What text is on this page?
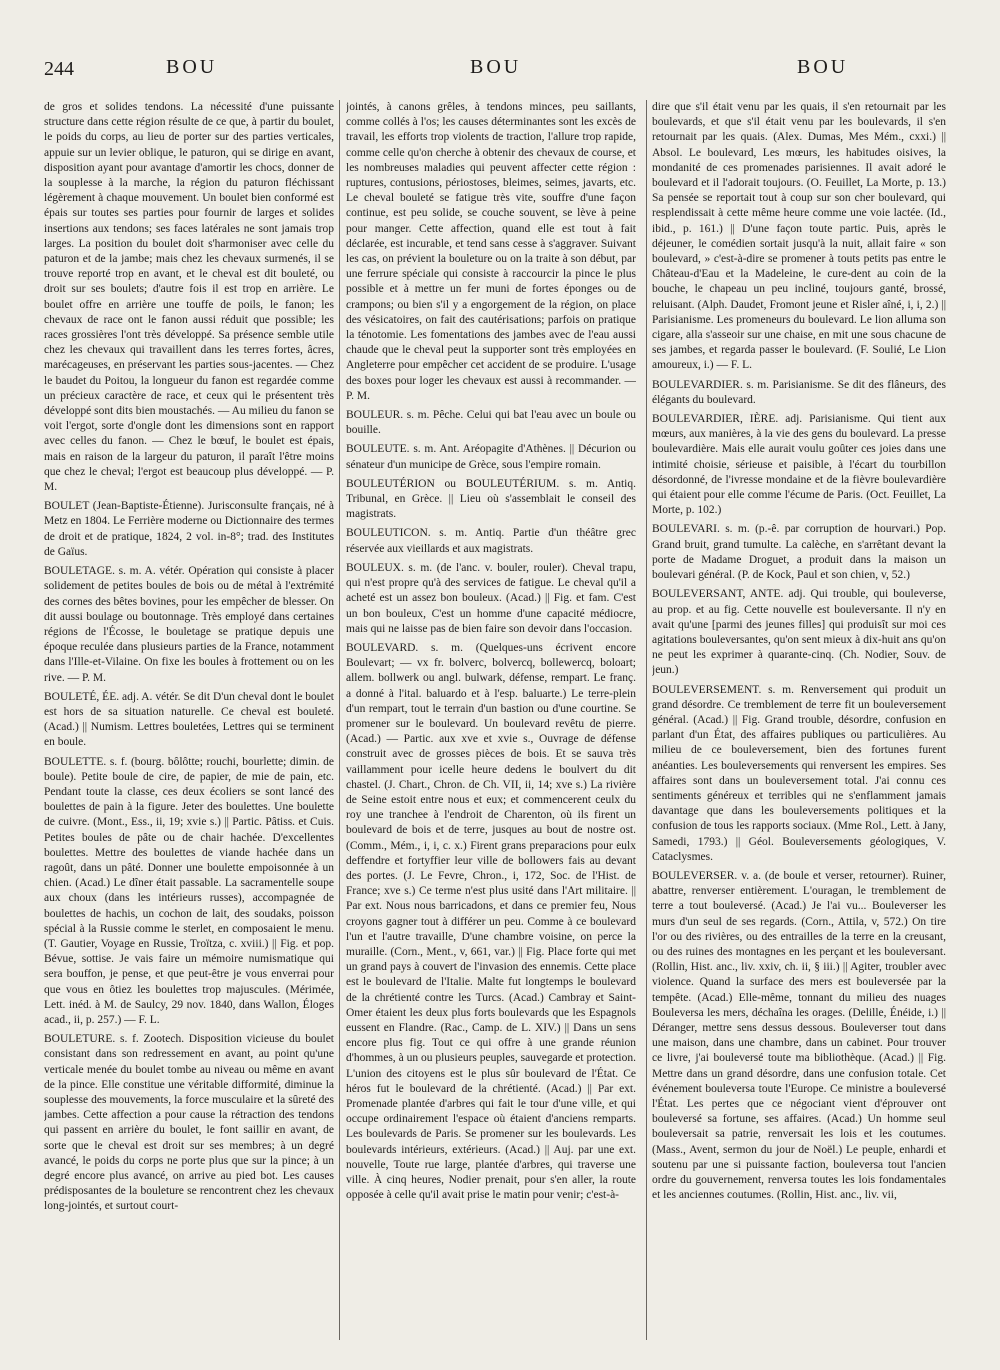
244	BOU	BOU	BOU

de gros et solides tendons. La nécessité d'une puissante structure dans cette région résulte de ce que, à partir du boulet, le poids du corps, au lieu de porter sur des parties verticales, appuie sur un levier oblique, le paturon, qui se dirige en avant, disposition ayant pour avantage d'amortir les chocs, donner de la souplesse à la marche, la région du paturon fléchissant légèrement à chaque mouvement. Un boulet bien conformé est épais sur toutes ses parties pour fournir de larges et solides insertions aux tendons; ses faces latérales ne sont jamais trop larges. La position du boulet doit s'harmoniser avec celle du paturon et de la jambe; mais chez les chevaux surmenés, il se trouve reporté trop en avant, et le cheval est dit bouleté, ou droit sur ses boulets; d'autre fois il est trop en arrière. Le boulet offre en arrière une touffe de poils, le fanon; les chevaux de race ont le fanon aussi réduit que possible; les races grossières l'ont très développé. Sa présence semble utile chez les chevaux qui travaillent dans les terres fortes, âcres, marécageuses, en préservant les parties sous-jacentes. — Chez le baudet du Poitou, la longueur du fanon est regardée comme un précieux caractère de race, et ceux qui le présentent très développé sont dits bien moustachés. — Au milieu du fanon se voit l'ergot, sorte d'ongle dont les dimensions sont en rapport avec celles du fanon. — Chez le bœuf, le boulet est épais, mais en raison de la largeur du paturon, il paraît l'être moins que chez le cheval; l'ergot est beaucoup plus développé. — P. M.

BOULET (Jean-Baptiste-Étienne). Jurisconsulte français, né à Metz en 1804. Le Ferrière moderne ou Dictionnaire des termes de droit et de pratique, 1824, 2 vol. in-8°; trad. des Institutes de Gaïus.

BOULETAGE. s. m. A. vétér. Opération qui consiste à placer solidement de petites boules de bois ou de métal à l'extrémité des cornes des bêtes bovines, pour les empêcher de blesser. On dit aussi boulage ou boutonnage. Très employé dans certaines régions de l'Écosse, le bouletage se pratique depuis une époque reculée dans plusieurs parties de la France, notamment dans l'Ille-et-Vilaine. On fixe les boules à frottement ou on les rive. — P. M.

BOULETÉ, ÉE. adj. A. vétér. Se dit D'un cheval dont le boulet est hors de sa situation naturelle. Ce cheval est bouleté. (Acad.) || Numism. Lettres bouletées, Lettres qui se terminent en boule.

BOULETTE. s. f. (bourg. bôlôtte; rouchi, bourlette; dimin. de boule). Petite boule de cire, de papier, de mie de pain, etc. Pendant toute la classe, ces deux écoliers se sont lancé des boulettes de pain à la figure. Jeter des boulettes. Une boulette de cuivre. (Mont., Ess., ii, 19; xvie s.) || Partic. Pâtiss. et Cuis. Petites boules de pâte ou de chair hachée. D'excellentes boulettes. Mettre des boulettes de viande hachée dans un ragoût, dans un pâté. Donner une boulette empoisonnée à un chien. (Acad.) Le dîner était passable. La sacramentelle soupe aux choux (dans les intérieurs russes), accompagnée de boulettes de hachis, un cochon de lait, des soudaks, poisson spécial à la Russie comme le sterlet, en composaient le menu. (T. Gautier, Voyage en Russie, Troïtza, c. xviii.) || Fig. et pop. Bévue, sottise. Je vais faire un mémoire numismatique qui sera bouffon, je pense, et que peut-être je vous enverrai pour que vous en ôtiez les boulettes trop majuscules. (Mérimée, Lett. inéd. à M. de Saulcy, 29 nov. 1840, dans Wallon, Éloges acad., ii, p. 257.) — F. L.

BOULETURE. s. f. Zootech. Disposition vicieuse du boulet consistant dans son redressement en avant, au point qu'une verticale menée du boulet tombe au niveau ou même en avant de la pince. Elle constitue une véritable difformité, diminue la souplesse des mouvements, la force musculaire et la sûreté des jambes. Cette affection a pour cause la rétraction des tendons qui passent en arrière du boulet, le font saillir en avant, de sorte que le cheval est droit sur ses membres; à un degré avancé, le poids du corps ne porte plus que sur la pince; à un degré encore plus avancé, on arrive au pied bot. Les causes prédisposantes de la bouleture se rencontrent chez les chevaux long-jointés, et surtout court-

jointés, à canons grêles, à tendons minces, peu saillants, comme collés à l'os; les causes déterminantes sont les excès de travail, les efforts trop violents de traction, l'allure trop rapide, comme celle qu'on cherche à obtenir des chevaux de course, et les nombreuses maladies qui peuvent affecter cette région : ruptures, contusions, périostoses, bleimes, seimes, javarts, etc. Le cheval bouleté se fatigue très vite, souffre d'une façon continue, est peu solide, se couche souvent, se lève à peine pour manger. Cette affection, quand elle est tout à fait déclarée, est incurable, et tend sans cesse à s'aggraver. Suivant les cas, on prévient la bouleture ou on la traite à son début, par une ferrure spéciale qui consiste à raccourcir la pince le plus possible et à mettre un fer muni de fortes éponges ou de crampons; ou bien s'il y a engorgement de la région, on place des vésicatoires, on fait des cautérisations; parfois on pratique la ténotomie. Les fomentations des jambes avec de l'eau aussi chaude que le cheval peut la supporter sont très employées en Angleterre pour empêcher cet accident de se produire. L'usage des boxes pour loger les chevaux est aussi à recommander. — P. M.

BOULEUR. s. m. Pêche. Celui qui bat l'eau avec un boule ou bouille.

BOULEUTE. s. m. Ant. Aréopagite d'Athènes. || Décurion ou sénateur d'un municipe de Grèce, sous l'empire romain.

BOULEUTÉRION ou BOULEUTÉRIUM. s. m. Antiq. Tribunal, en Grèce. || Lieu où s'assemblait le conseil des magistrats.

BOULEUTICON. s. m. Antiq. Partie d'un théâtre grec réservée aux vieillards et aux magistrats.

BOULEUX. s. m. (de l'anc. v. bouler, rouler). Cheval trapu, qui n'est propre qu'à des services de fatigue. Le cheval qu'il a acheté est un assez bon bouleux. (Acad.) || Fig. et fam. C'est un bon bouleux, C'est un homme d'une capacité médiocre, mais qui ne laisse pas de bien faire son devoir dans l'occasion.

BOULEVARD. s. m. (Quelques-uns écrivent encore Boulevart; — vx fr. bolverc, bolvercq, bollewercq, boloart; allem. bollwerk ou angl. bulwark, défense, rempart. Le franç. a donné à l'ital. baluardo et à l'esp. baluarte.) Le terre-plein d'un rempart, tout le terrain d'un bastion ou d'une courtine. Se promener sur le boulevard. Un boulevard revêtu de pierre. (Acad.) — Partic. aux xve et xvie s., Ouvrage de défense construit avec de grosses pièces de bois. Et se sauva très vaillamment pour icelle heure dedens le boulvert du dit chastel. (J. Chart., Chron. de Ch. VII, ii, 14; xve s.) La rivière de Seine estoit entre nous et eux; et commencerent ceulx du roy une tranchee à l'endroit de Charenton, où ils firent un boulevard de bois et de terre, jusques au bout de nostre ost. (Comm., Mém., i, i, c. x.) Firent grans preparacions pour eulx deffendre et fortyffier leur ville de bollowers fais au devant des portes. (J. Le Fevre, Chron., i, 172, Soc. de l'Hist. de France; xve s.) Ce terme n'est plus usité dans l'Art militaire. || Par ext. Nous nous barricadons, et dans ce premier feu, Nous croyons gagner tout à différer un peu. Comme à ce boulevard l'un et l'autre travaille, D'une chambre voisine, on perce la muraille. (Corn., Ment., v, 661, var.) || Fig. Place forte qui met un grand pays à couvert de l'invasion des ennemis. Cette place est le boulevard de l'Italie. Malte fut longtemps le boulevard de la chrétienté contre les Turcs. (Acad.) Cambray et Saint-Omer étaient les deux plus forts boulevards que les Espagnols eussent en Flandre. (Rac., Camp. de L. XIV.) || Dans un sens encore plus fig. Tout ce qui offre à une grande réunion d'hommes, à un ou plusieurs peuples, sauvegarde et protection. L'union des citoyens est le plus sûr boulevard de l'État. Ce héros fut le boulevard de la chrétienté. (Acad.) || Par ext. Promenade plantée d'arbres qui fait le tour d'une ville, et qui occupe ordinairement l'espace où étaient d'anciens remparts. Les boulevards de Paris. Se promener sur les boulevards. Les boulevards intérieurs, extérieurs. (Acad.) || Auj. par une ext. nouvelle, Toute rue large, plantée d'arbres, qui traverse une ville. À cinq heures, Nodier prenait, pour s'en aller, la route opposée à celle qu'il avait prise le matin pour venir; c'est-à-

dire que s'il était venu par les quais, il s'en retournait par les boulevards, et que s'il était venu par les boulevards, il s'en retournait par les quais. (Alex. Dumas, Mes Mém., cxxi.) || Absol. Le boulevard, Les mœurs, les habitudes oisives, la mondanité de ces promenades parisiennes. Il avait adoré le boulevard et il l'adorait toujours. (O. Feuillet, La Morte, p. 13.) Sa pensée se reportait tout à coup sur son cher boulevard, qui resplendissait à cette même heure comme une voie lactée. (Id., ibid., p. 161.) || D'une façon toute partic. Puis, après le déjeuner, le comédien sortait jusqu'à la nuit, allait faire « son boulevard, » c'est-à-dire se promener à touts petits pas entre le Château-d'Eau et la Madeleine, le cure-dent au coin de la bouche, le chapeau un peu incliné, toujours ganté, brossé, reluisant. (Alph. Daudet, Fromont jeune et Risler aîné, i, i, 2.) || Parisianisme. Les promeneurs du boulevard. Le lion alluma son cigare, alla s'asseoir sur une chaise, en mit une sous chacune de ses jambes, et regarda passer le boulevard. (F. Soulié, Le Lion amoureux, i.) — F. L.

BOULEVARDIER. s. m. Parisianisme. Se dit des flâneurs, des élégants du boulevard.

BOULEVARDIER, IÈRE. adj. Parisianisme. Qui tient aux mœurs, aux manières, à la vie des gens du boulevard. La presse boulevardière. Mais elle aurait voulu goûter ces joies dans une intimité choisie, sérieuse et paisible, à l'écart du tourbillon désordonné, de l'ivresse mondaine et de la fièvre boulevardière qui étaient pour elle comme l'écume de Paris. (Oct. Feuillet, La Morte, p. 102.)

BOULEVARI. s. m. (p.-ê. par corruption de hourvari.) Pop. Grand bruit, grand tumulte. La calèche, en s'arrêtant devant la porte de Madame Droguet, a produit dans la maison un boulevari général. (P. de Kock, Paul et son chien, v, 52.)

BOULEVERSANT, ANTE. adj. Qui trouble, qui bouleverse, au prop. et au fig. Cette nouvelle est bouleversante. Il n'y en avait qu'une [parmi des jeunes filles] qui produisît sur moi ces agitations bouleversantes, qu'on sent mieux à dix-huit ans qu'on ne peut les exprimer à quarante-cinq. (Ch. Nodier, Souv. de jeun.)

BOULEVERSEMENT. s. m. Renversement qui produit un grand désordre. Ce tremblement de terre fit un bouleversement général. (Acad.) || Fig. Grand trouble, désordre, confusion en parlant d'un État, des affaires publiques ou particulières. Au milieu de ce bouleversement, bien des fortunes furent anéanties. Les bouleversements qui renversent les empires. Ses affaires sont dans un bouleversement total. J'ai connu ces sentiments généreux et terribles qui ne s'enflamment jamais davantage que dans les bouleversements politiques et la confusion de tous les rapports sociaux. (Mme Rol., Lett. à Jany, Samedi, 1793.) || Géol. Bouleversements géologiques, V. Cataclysmes.

BOULEVERSER. v. a. (de boule et verser, retourner). Ruiner, abattre, renverser entièrement. L'ouragan, le tremblement de terre a tout bouleversé. (Acad.) Je l'ai vu... Bouleverser les murs d'un seul de ses regards. (Corn., Attila, v, 572.) On tire l'or ou des rivières, ou des entrailles de la terre en la creusant, ou des ruines des montagnes en les perçant et les bouleversant. (Rollin, Hist. anc., liv. xxiv, ch. ii, § iii.) || Agiter, troubler avec violence. Quand la surface des mers est bouleversée par la tempête. (Acad.) Elle-même, tonnant du milieu des nuages Bouleversa les mers, déchaîna les orages. (Delille, Énéide, i.) || Déranger, mettre sens dessus dessous. Bouleverser tout dans une maison, dans une chambre, dans un cabinet. Pour trouver ce livre, j'ai bouleversé toute ma bibliothèque. (Acad.) || Fig. Mettre dans un grand désordre, dans une confusion totale. Cet événement bouleversa toute l'Europe. Ce ministre a bouleversé l'État. Les pertes que ce négociant vient d'éprouver ont bouleversé sa fortune, ses affaires. (Acad.) Un homme seul bouleversait sa patrie, renversait les lois et les coutumes. (Mass., Avent, sermon du jour de Noël.) Le peuple, enhardi et soutenu par une si puissante faction, bouleversa tout l'ancien ordre du gouvernement, renversa toutes les lois fondamentales et les anciennes coutumes. (Rollin, Hist. anc., liv. vii,
